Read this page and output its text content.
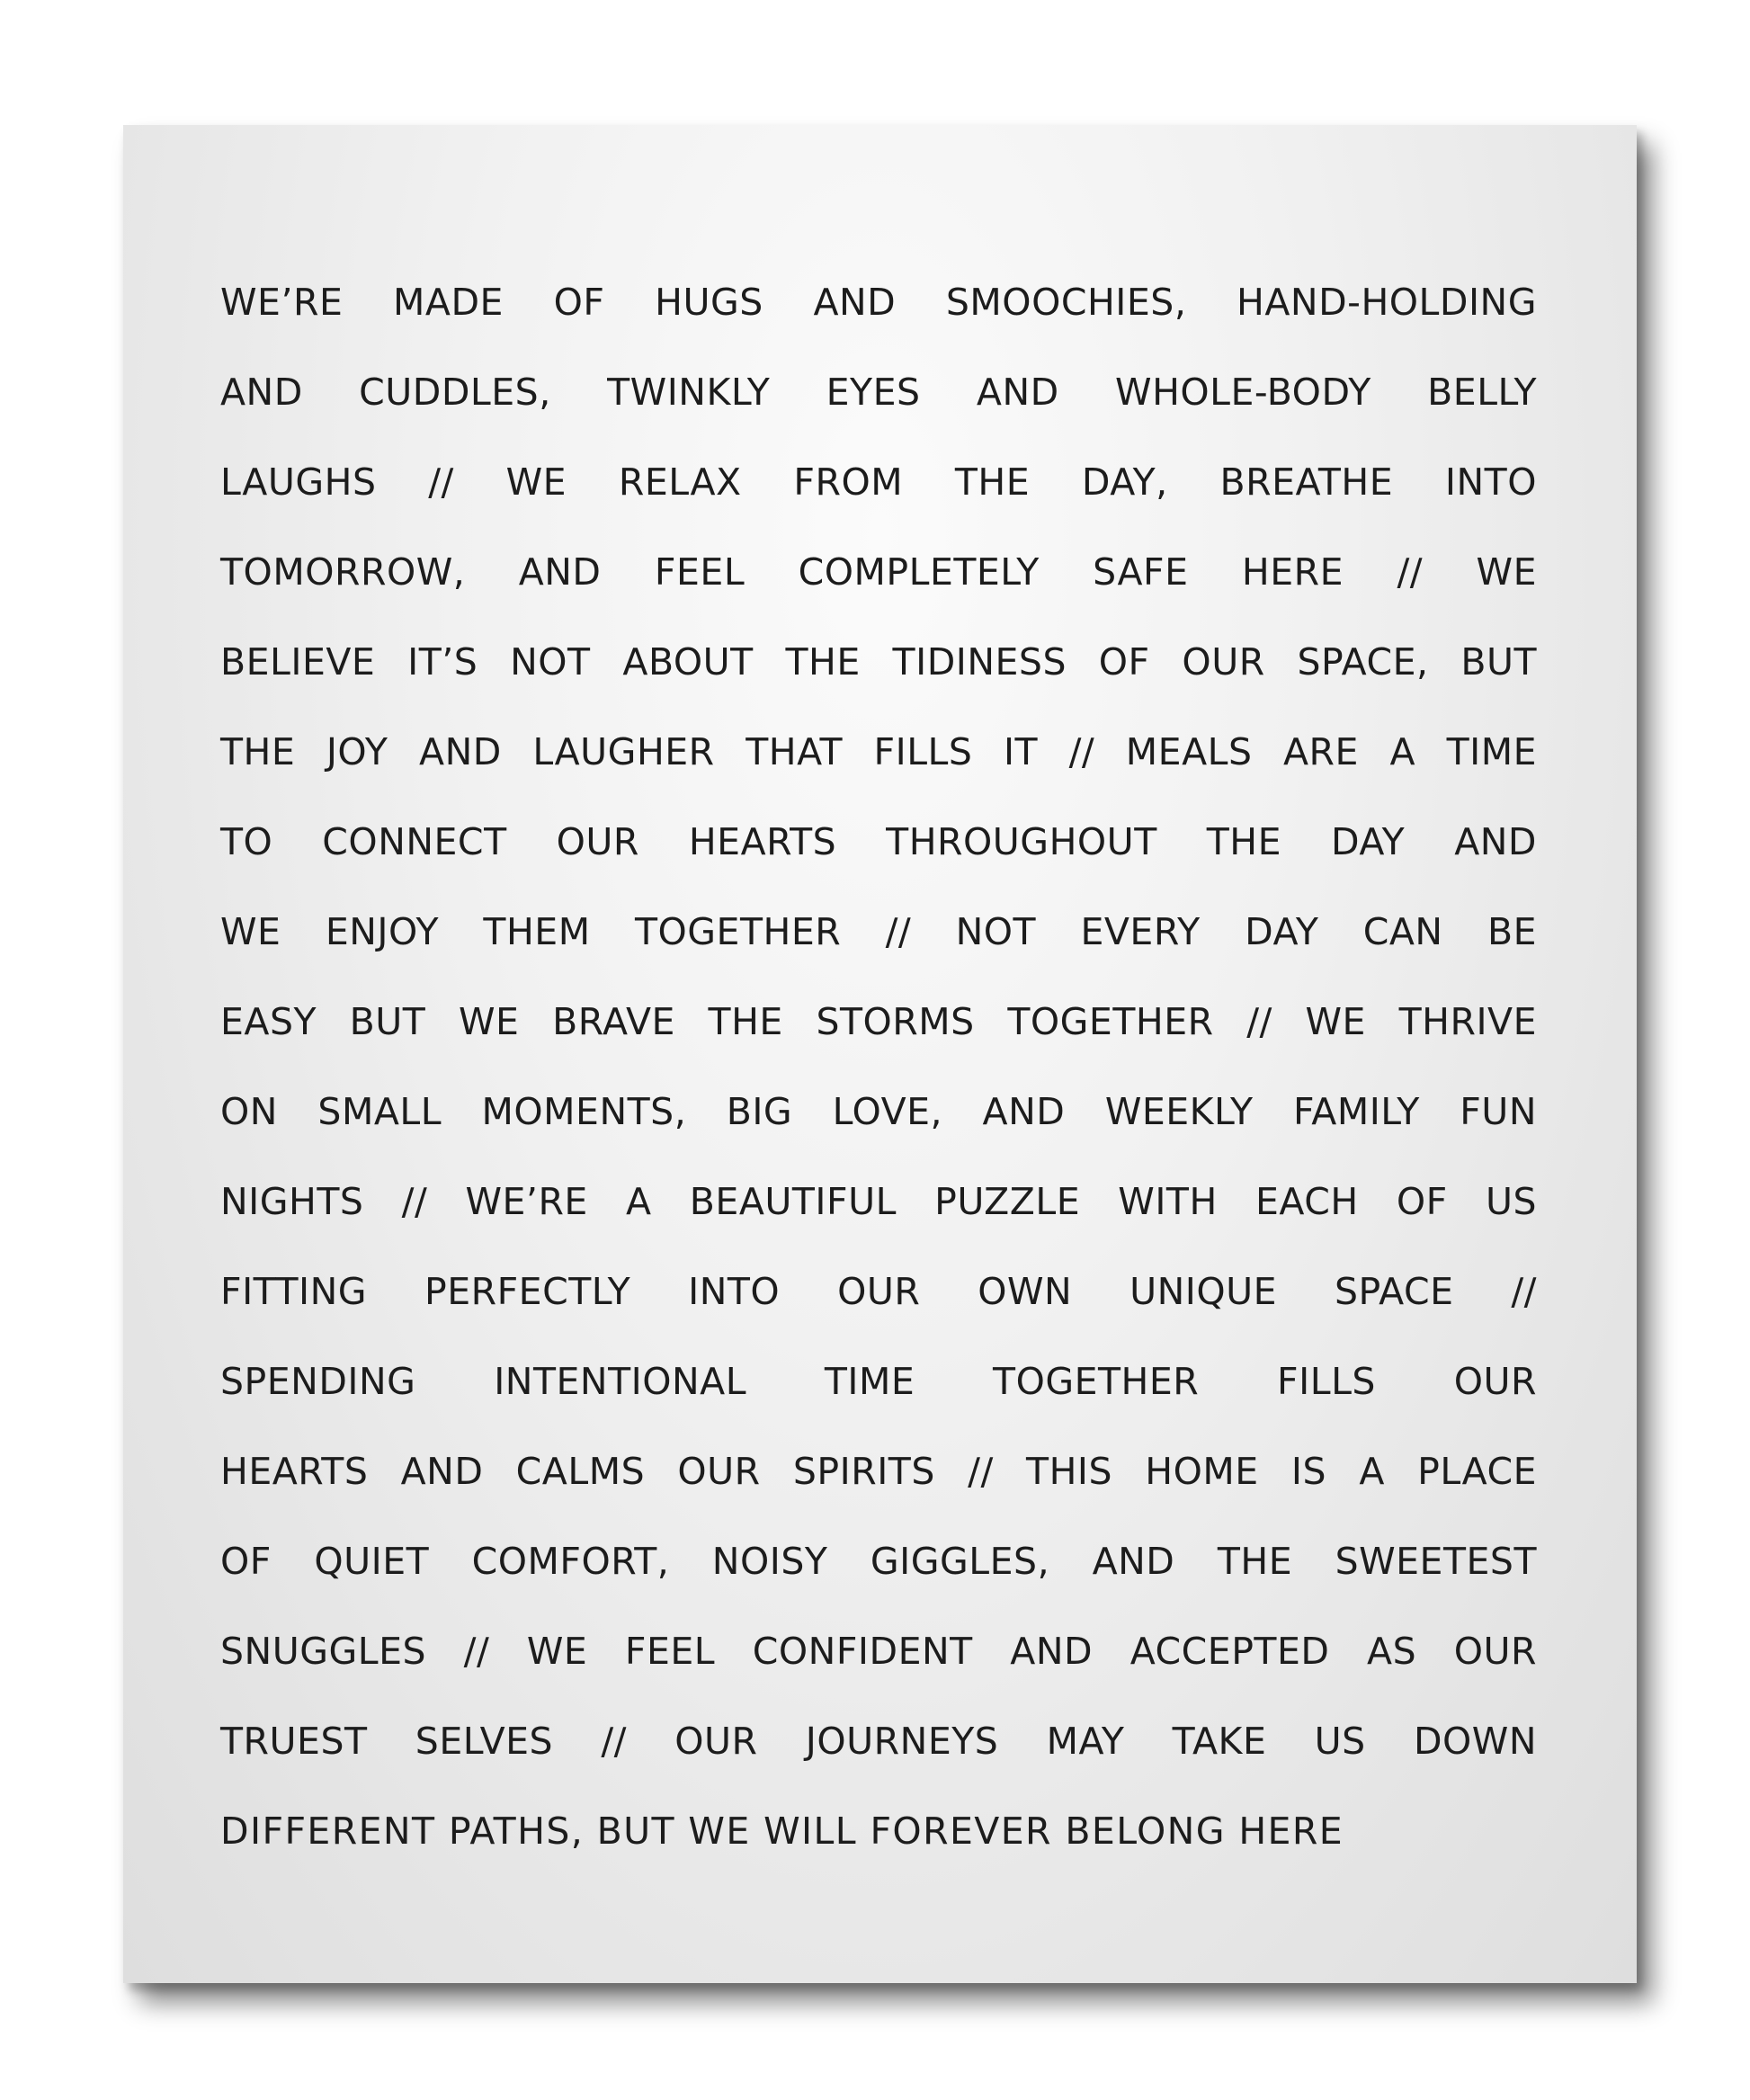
WE’RE MADE OF HUGS AND SMOOCHIES, HAND-HOLDING
AND CUDDLES, TWINKLY EYES AND WHOLE-BODY BELLY
LAUGHS // WE RELAX FROM THE DAY, BREATHE INTO
TOMORROW, AND FEEL COMPLETELY SAFE HERE // WE
BELIEVE IT’S NOT ABOUT THE TIDINESS OF OUR SPACE, BUT
THE JOY AND LAUGHER THAT FILLS IT // MEALS ARE A TIME
TO CONNECT OUR HEARTS THROUGHOUT THE DAY AND
WE ENJOY THEM TOGETHER // NOT EVERY DAY CAN BE
EASY BUT WE BRAVE THE STORMS TOGETHER // WE THRIVE
ON SMALL MOMENTS, BIG LOVE, AND WEEKLY FAMILY FUN
NIGHTS // WE’RE A BEAUTIFUL PUZZLE WITH EACH OF US
FITTING PERFECTLY INTO OUR OWN UNIQUE SPACE //
SPENDING INTENTIONAL TIME TOGETHER FILLS OUR
HEARTS AND CALMS OUR SPIRITS // THIS HOME IS A PLACE
OF QUIET COMFORT, NOISY GIGGLES, AND THE SWEETEST
SNUGGLES // WE FEEL CONFIDENT AND ACCEPTED AS OUR
TRUEST SELVES // OUR JOURNEYS MAY TAKE US DOWN
DIFFERENT PATHS, BUT WE WILL FOREVER BELONG HERE
